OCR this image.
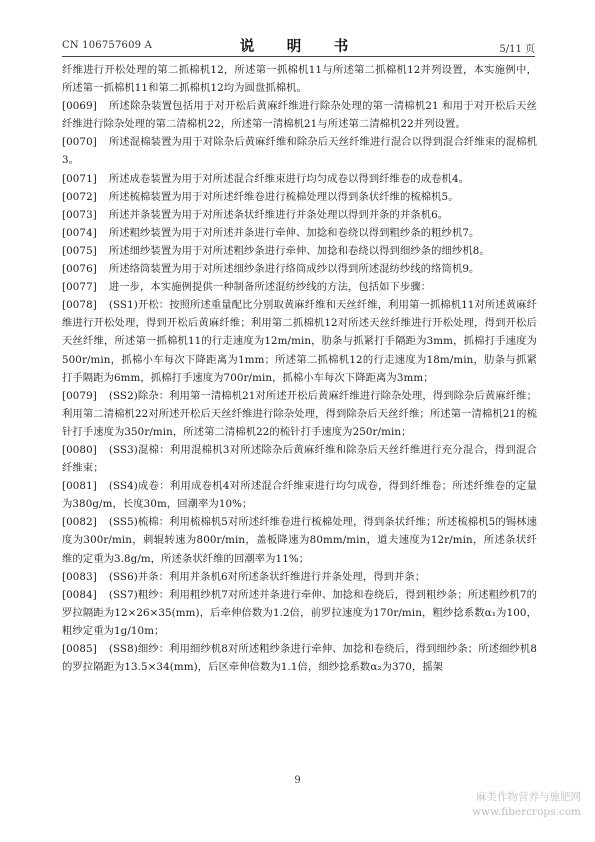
CN 106757609 A	说　明　书	5/11 页

纤维进行开松处理的第二抓棉机12，所述第一抓棉机11与所述第二抓棉机12并列设置，本实施例中，所述第一抓棉机11和第二抓棉机12均为圆盘抓棉机。

[0069] 所述除杂装置包括用于对开松后黄麻纤维进行除杂处理的第一清棉机21 和用于对开松后天丝纤维进行除杂处理的第二清棉机22，所述第一清棉机21与所述第二清棉机22并列设置。

[0070] 所述混棉装置为用于对除杂后黄麻纤维和除杂后天丝纤维进行混合以得到混合纤维束的混棉机3。

[0071] 所述成卷装置为用于对所述混合纤维束进行均匀成卷以得到纤维卷的成卷机4。

[0072] 所述梳棉装置为用于对所述纤维卷进行梳棉处理以得到条状纤维的梳棉机5。

[0073] 所述并条装置为用于对所述条状纤维进行并条处理以得到并条的并条机6。

[0074] 所述粗纱装置为用于对所述并条进行牵伸、加捻和卷绕以得到粗纱条的粗纱机7。

[0075] 所述细纱装置为用于对所述粗纱条进行牵伸、加捻和卷绕以得到细纱条的细纱机8。

[0076] 所述络筒装置为用于对所述细纱条进行络筒成纱以得到所述混纺纱线的络筒机9。

[0077] 进一步，本实施例提供一种制备所述混纺纱线的方法，包括如下步骤：

[0078] (SS1)开松：按照所述重量配比分别取黄麻纤维和天丝纤维，利用第一抓棉机11对所述黄麻纤维进行开松处理，得到开松后黄麻纤维；利用第二抓棉机12对所述天丝纤维进行开松处理，得到开松后天丝纤维，所述第一抓棉机11的行走速度为12m/min，肋条与抓紧打手隔距为3mm，抓棉打手速度为500r/min，抓棉小车每次下降距离为1mm；所述第二抓棉机12的行走速度为18m/min，肋条与抓紧打手隔距为6mm，抓棉打手速度为700r/min，抓棉小车每次下降距离为3mm；

[0079] (SS2)除杂：利用第一清棉机21对所述开松后黄麻纤维进行除杂处理，得到除杂后黄麻纤维；利用第二清棉机22对所述开松后天丝纤维进行除杂处理，得到除杂后天丝纤维；所述第一清棉机21的梳针打手速度为350r/min，所述第二清棉机22的梳针打手速度为250r/min；

[0080] (SS3)混棉：利用混棉机3对所述除杂后黄麻纤维和除杂后天丝纤维进行充分混合，得到混合纤维束；

[0081] (SS4)成卷：利用成卷机4对所述混合纤维束进行均匀成卷，得到纤维卷；所述纤维卷的定量为380g/m，长度30m，回潮率为10%；

[0082] (SS5)梳棉：利用梳棉机5对所述纤维卷进行梳棉处理，得到条状纤维；所述梳棉机5的锡林速度为300r/min，刺辊转速为800r/min，盖板降速为80mm/min，道夫速度为12r/min，所述条状纤维的定重为3.8g/m，所述条状纤维的回潮率为11%；

[0083] (SS6)并条：利用并条机6对所述条状纤维进行并条处理，得到并条；

[0084] (SS7)粗纱：利用粗纱机7对所述并条进行牵伸、加捻和卷绕后，得到粗纱条；所述粗纱机7的罗拉隔距为12×26×35(mm)，后牵伸倍数为1.2倍，前罗拉速度为170r/min，粗纱捻系数α₁为100，粗纱定重为1g/10m；

[0085] (SS8)细纱：利用细纱机8对所述粗纱条进行牵伸、加捻和卷绕后，得到细纱条；所述细纱机8的罗拉隔距为13.5×34(mm)，后区牵伸倍数为1.1倍，细纱捻系数α₂为370，摇架

9
麻类作物营养与施肥网
www.fibercrops.com
